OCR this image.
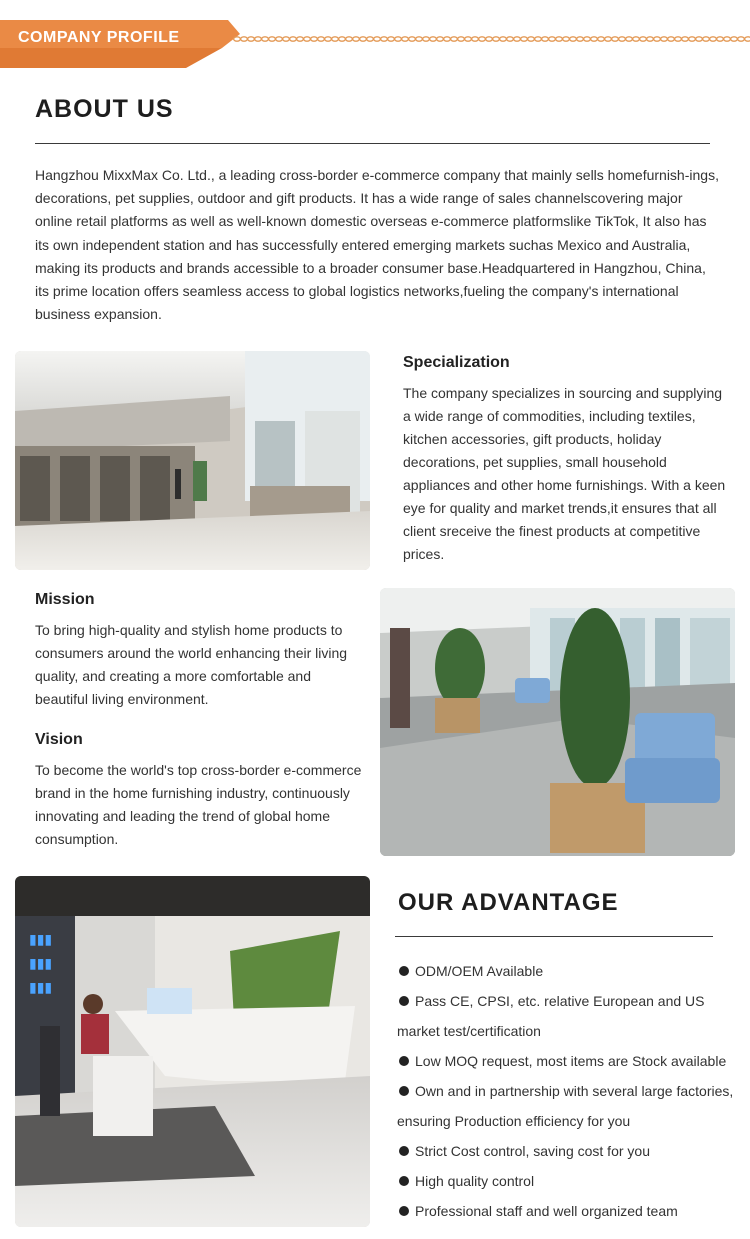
COMPANY PROFILE
ABOUT US
Hangzhou MixxMax Co. Ltd., a leading cross-border e-commerce company that mainly sells homefurnish-ings, decorations, pet supplies, outdoor and gift products. It has a wide range of sales channelscovering major online retail platforms as well as well-known domestic overseas e-commerce platformslike TikTok, It also has its own independent station and has successfully entered emerging markets suchas Mexico and Australia, making its products and brands accessible to a broader consumer base.Headquartered in Hangzhou, China, its prime location offers seamless access to global logistics networks,fueling the company's international business expansion.
Specialization
The company specializes in sourcing and supplying a wide range of commodities, including textiles, kitchen accessories, gift products, holiday decorations, pet supplies, small household appliances and other home furnishings. With a keen eye for quality and market trends,it ensures that all client sreceive the finest products at competitive prices.
Mission
To bring high-quality and stylish home products to consumers around the world enhancing their living quality, and creating a more comfortable and beautiful living environment.
Vision
To become the world's top cross-border e-commerce brand in the home furnishing industry, continuously innovating and leading the trend of global home consumption.
▮▮▮
▮▮▮
▮▮▮
OUR ADVANTAGE
ODM/OEM Available
Pass CE, CPSI, etc. relative European and US market test/certification
Low MOQ request, most items are Stock available
Own and in partnership with several large factories, ensuring Production efficiency for you
Strict Cost control, saving cost for you
High quality control
Professional staff and well organized team
